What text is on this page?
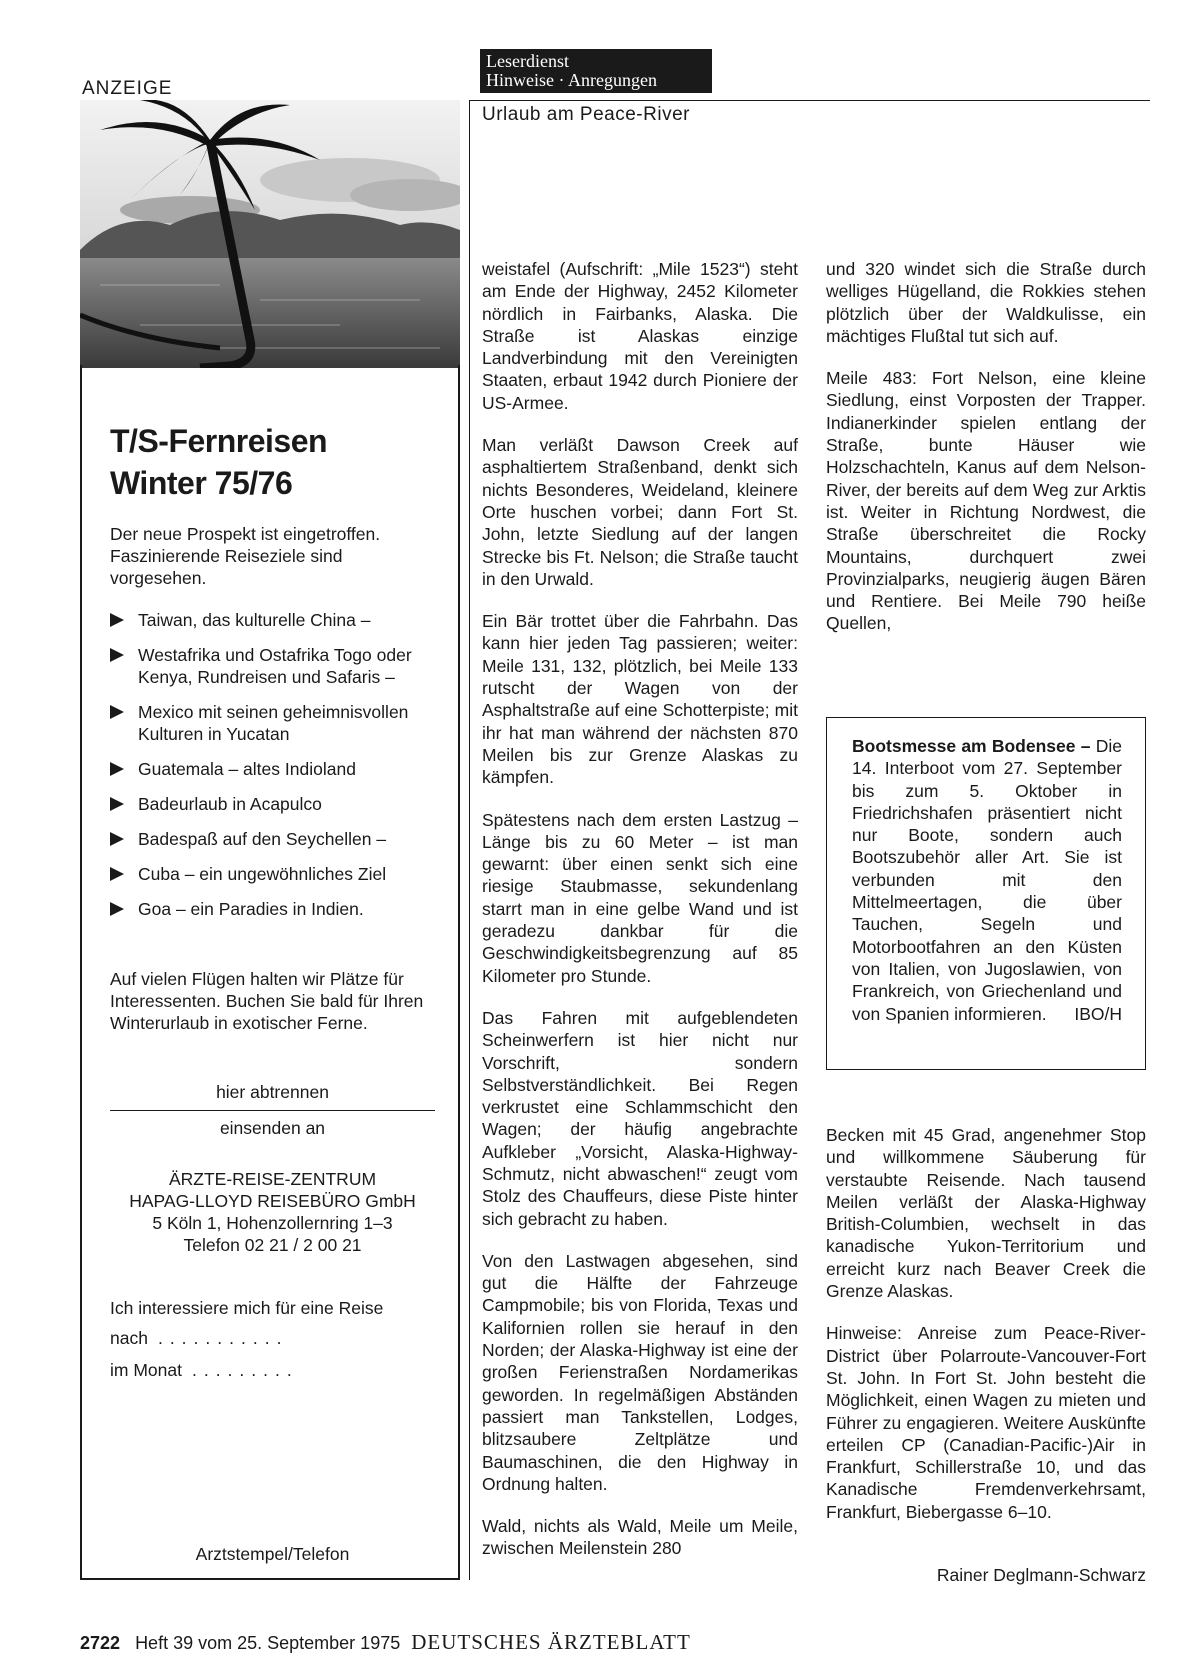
ANZEIGE
T/S-Fernreisen
Winter 75/76
Der neue Prospekt ist eingetroffen. Faszinierende Reiseziele sind vorgesehen.
Taiwan, das kulturelle China –
Westafrika und Ostafrika Togo oder Kenya, Rundreisen und Safaris –
Mexico mit seinen geheimnisvollen Kulturen in Yucatan
Guatemala – altes Indioland
Badeurlaub in Acapulco
Badespaß auf den Seychellen –
Cuba – ein ungewöhnliches Ziel
Goa – ein Paradies in Indien.
Auf vielen Flügen halten wir Plätze für Interessenten. Buchen Sie bald für Ihren Winterurlaub in exotischer Ferne.
hier abtrennen
einsenden an
ÄRZTE-REISE-ZENTRUM
HAPAG-LLOYD REISEBÜRO GmbH
5 Köln 1, Hohenzollernring 1–3
Telefon 02 21 / 2 00 21
Ich interessiere mich für eine Reise
nach ...........
im Monat .........
Arztstempel/Telefon
Leserdienst
Hinweise · Anregungen
Urlaub am Peace-River

weistafel (Aufschrift: „Mile 1523“) steht am Ende der Highway, 2452 Kilometer nördlich in Fairbanks, Alaska. Die Straße ist Alaskas einzige Landverbindung mit den Vereinigten Staaten, erbaut 1942 durch Pioniere der US-Armee.

Man verläßt Dawson Creek auf asphaltiertem Straßenband, denkt sich nichts Besonderes, Weideland, kleinere Orte huschen vorbei; dann Fort St. John, letzte Siedlung auf der langen Strecke bis Ft. Nelson; die Straße taucht in den Urwald.

Ein Bär trottet über die Fahrbahn. Das kann hier jeden Tag passieren; weiter: Meile 131, 132, plötzlich, bei Meile 133 rutscht der Wagen von der Asphaltstraße auf eine Schotterpiste; mit ihr hat man während der nächsten 870 Meilen bis zur Grenze Alaskas zu kämpfen.

Spätestens nach dem ersten Lastzug – Länge bis zu 60 Meter – ist man gewarnt: über einen senkt sich eine riesige Staubmasse, sekundenlang starrt man in eine gelbe Wand und ist geradezu dankbar für die Geschwindigkeitsbegrenzung auf 85 Kilometer pro Stunde.

Das Fahren mit aufgeblendeten Scheinwerfern ist hier nicht nur Vorschrift, sondern Selbstverständlichkeit. Bei Regen verkrustet eine Schlammschicht den Wagen; der häufig angebrachte Aufkleber „Vorsicht, Alaska-Highway-Schmutz, nicht abwaschen!“ zeugt vom Stolz des Chauffeurs, diese Piste hinter sich gebracht zu haben.

Von den Lastwagen abgesehen, sind gut die Hälfte der Fahrzeuge Campmobile; bis von Florida, Texas und Kalifornien rollen sie herauf in den Norden; der Alaska-Highway ist eine der großen Ferienstraßen Nordamerikas geworden. In regelmäßigen Abständen passiert man Tankstellen, Lodges, blitzsaubere Zeltplätze und Baumaschinen, die den Highway in Ordnung halten.

Wald, nichts als Wald, Meile um Meile, zwischen Meilenstein 280

und 320 windet sich die Straße durch welliges Hügelland, die Rokkies stehen plötzlich über der Waldkulisse, ein mächtiges Flußtal tut sich auf.

Meile 483: Fort Nelson, eine kleine Siedlung, einst Vorposten der Trapper. Indianerkinder spielen entlang der Straße, bunte Häuser wie Holzschachteln, Kanus auf dem Nelson-River, der bereits auf dem Weg zur Arktis ist. Weiter in Richtung Nordwest, die Straße überschreitet die Rocky Mountains, durchquert zwei Provinzialparks, neugierig äugen Bären und Rentiere. Bei Meile 790 heiße Quellen,

Bootsmesse am Bodensee – Die 14. Interboot vom 27. September bis zum 5. Oktober in Friedrichshafen präsentiert nicht nur Boote, sondern auch Bootszubehör aller Art. Sie ist verbunden mit den Mittelmeertagen, die über Tauchen, Segeln und Motorbootfahren an den Küsten von Italien, von Jugoslawien, von Frankreich, von Griechenland und von Spanien informieren. IBO/H

Becken mit 45 Grad, angenehmer Stop und willkommene Säuberung für verstaubte Reisende. Nach tausend Meilen verläßt der Alaska-Highway British-Columbien, wechselt in das kanadische Yukon-Territorium und erreicht kurz nach Beaver Creek die Grenze Alaskas.

Hinweise: Anreise zum Peace-River-District über Polarroute-Vancouver-Fort St. John. In Fort St. John besteht die Möglichkeit, einen Wagen zu mieten und Führer zu engagieren. Weitere Auskünfte erteilen CP (Canadian-Pacific-)Air in Frankfurt, Schillerstraße 10, und das Kanadische Fremdenverkehrsamt, Frankfurt, Biebergasse 6–10.

Rainer Deglmann-Schwarz
2722 Heft 39 vom 25. September 1975 DEUTSCHES ÄRZTEBLATT
